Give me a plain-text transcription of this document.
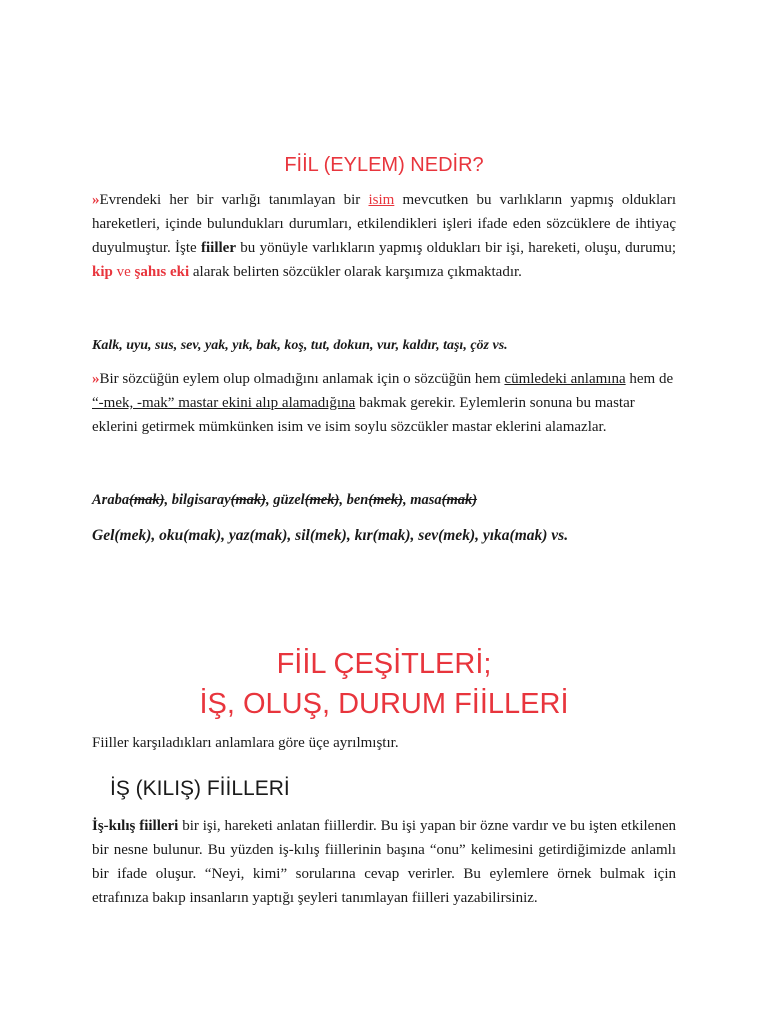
FİİL (EYLEM) NEDİR?
»Evrendeki her bir varlığı tanımlayan bir isim mevcutken bu varlıkların yapmış oldukları hareketleri, içinde bulundukları durumları, etkilendikleri işleri ifade eden sözcüklere de ihtiyaç duyulmuştur. İşte fiiller bu yönüyle varlıkların yapmış oldukları bir işi, hareketi, oluşu, durumu; kip ve şahıs eki alarak belirten sözcükler olarak karşımıza çıkmaktadır.
Kalk, uyu, sus, sev, yak, yık, bak, koş, tut, dokun, vur, kaldır, taşı, çöz vs.
»Bir sözcüğün eylem olup olmadığını anlamak için o sözcüğün hem cümledeki anlamına hem de “-mek, -mak” mastar ekini alıp alamadığına bakmak gerekir. Eylemlerin sonuna bu mastar eklerini getirmek mümkünken isim ve isim soylu sözcükler mastar eklerini alamazlar.
Araba(mak), bilgisaray(mak), güzel(mek), ben(mek), masa(mak)
Gel(mek), oku(mak), yaz(mak), sil(mek), kır(mak), sev(mek), yıka(mak) vs.
FİİL ÇEŞİTLERİ;
İŞ, OLUŞ, DURUM FİİLLERİ
Fiiller karşıladıkları anlamlara göre üçe ayrılmıştır.
İŞ (KILIŞ) FİİLLERİ
İş-kılış fiilleri bir işi, hareketi anlatan fiillerdir. Bu işi yapan bir özne vardır ve bu işten etkilenen bir nesne bulunur. Bu yüzden iş-kılış fiillerinin başına “onu” kelimesini getirdiğimizde anlamlı bir ifade oluşur. “Neyi, kimi” sorularına cevap verirler. Bu eylemlere örnek bulmak için etrafınıza bakıp insanların yaptığı şeyleri tanımlayan fiilleri yazabilirsiniz.
